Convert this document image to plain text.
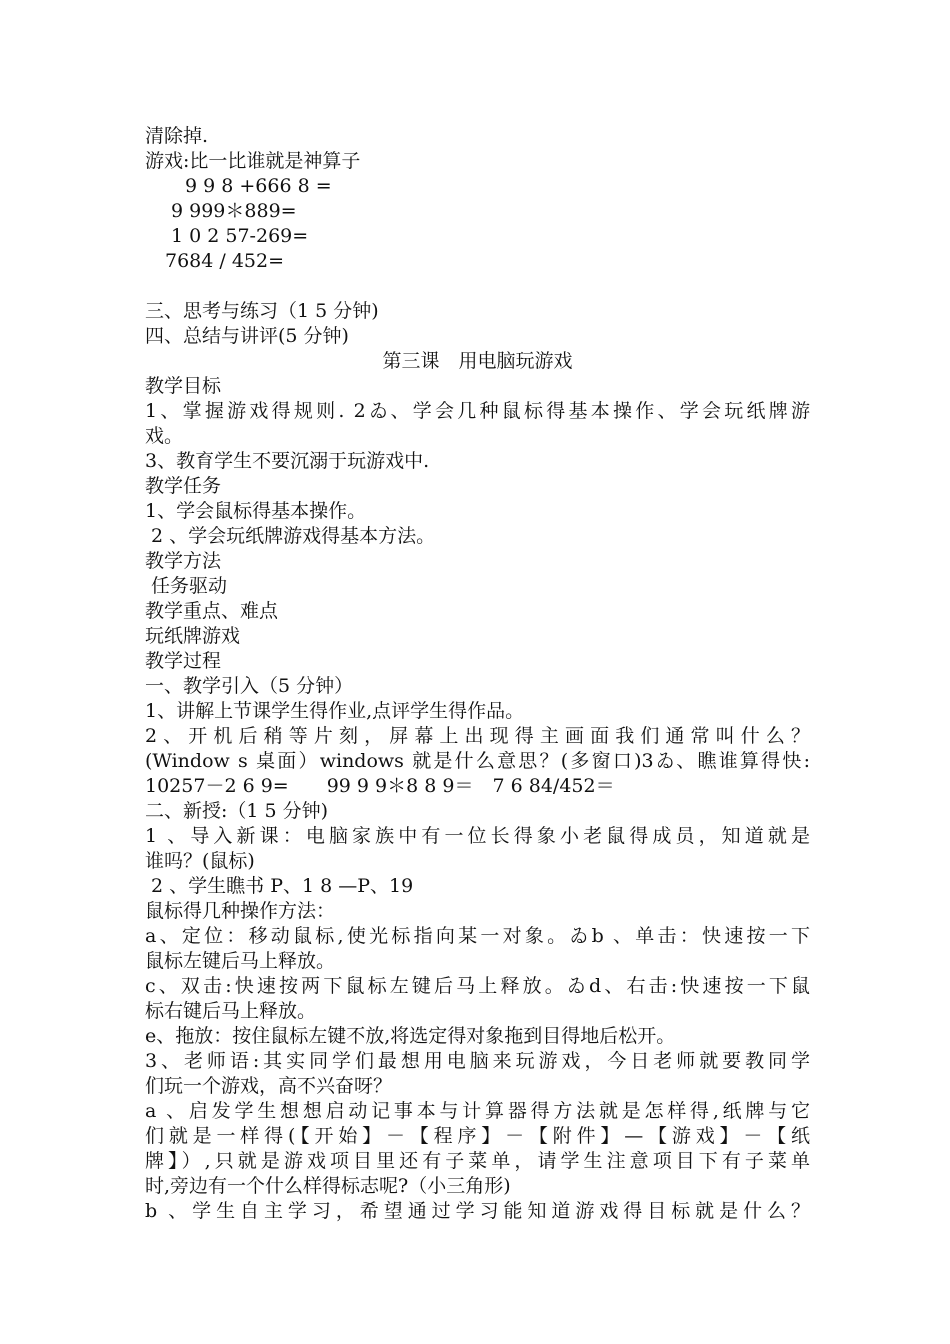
清除掉.
游戏:比一比谁就是神算子
9 9 8 +666 8 =
9 999＊889=
1 0 2 57-269=
7684 / 452=
三、思考与练习（1 5 分钟)
四、总结与讲评(5 分钟)
第三课　用电脑玩游戏
教学目标
1、掌握游戏得规则. 2ゐ、学会几种鼠标得基本操作、学会玩纸牌游
戏。
3、教育学生不要沉溺于玩游戏中.
教学任务
1、学会鼠标得基本操作。
2 、学会玩纸牌游戏得基本方法。
教学方法
任务驱动
教学重点、难点
玩纸牌游戏
教学过程
一、教学引入（5 分钟）
1、讲解上节课学生得作业,点评学生得作品。
2、开机后稍等片刻，屏幕上出现得主画面我们通常叫什么？
(Window s 桌面）windows 就是什么意思？(多窗口)3ゐ、瞧谁算得快:
10257－2 6 9=　　99 9 9＊8 8 9＝　7 6 84/452＝
二、新授:（1 5 分钟)
1 、导入新课：电脑家族中有一位长得象小老鼠得成员，知道就是
谁吗？(鼠标)
2 、学生瞧书 P、1 8 —P、19
鼠标得几种操作方法：
a、定位：移动鼠标,使光标指向某一对象。ゐb 、单击：快速按一下
鼠标左键后马上释放。
c、双击:快速按两下鼠标左键后马上释放。ゐd、右击:快速按一下鼠
标右键后马上释放。
e、拖放：按住鼠标左键不放,将选定得对象拖到目得地后松开。
3、老师语:其实同学们最想用电脑来玩游戏，今日老师就要教同学
们玩一个游戏，高不兴奋呀？
a 、启发学生想想启动记事本与计算器得方法就是怎样得,纸牌与它
们就是一样得(【开始】－【程序】－【附件】—【游戏】－【纸
牌】）,只就是游戏项目里还有子菜单，请学生注意项目下有子菜单
时,旁边有一个什么样得标志呢?（小三角形)
b 、学生自主学习，希望通过学习能知道游戏得目标就是什么？
